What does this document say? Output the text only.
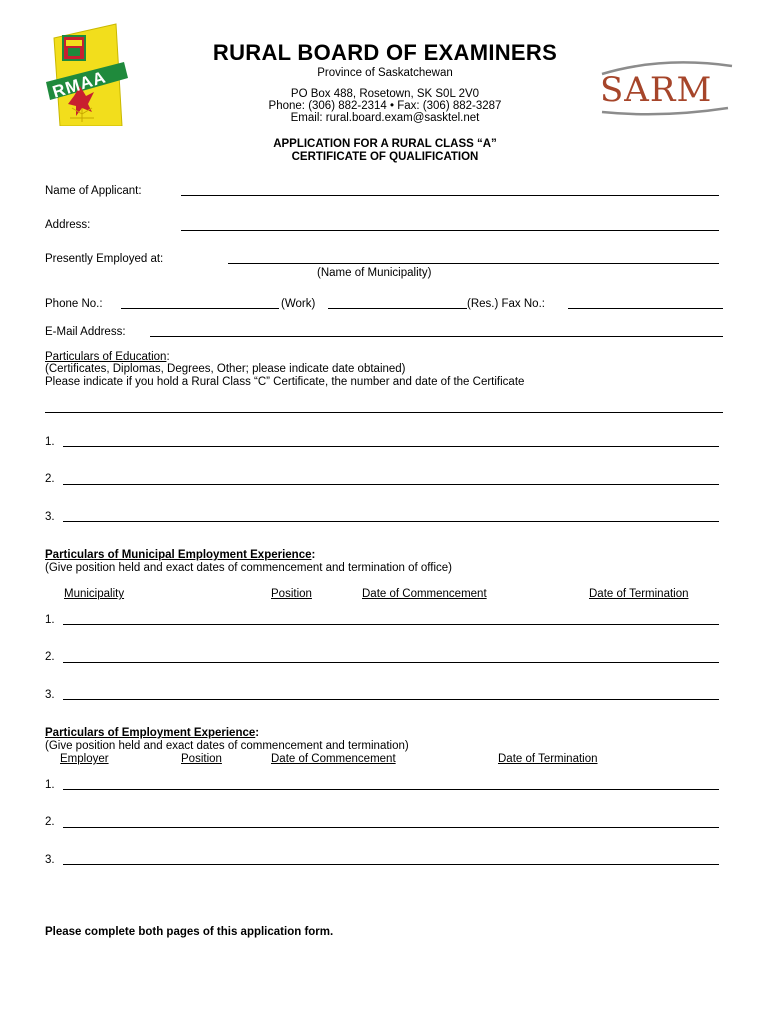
RMAA
RURAL BOARD OF EXAMINERS
Province of Saskatchewan
PO Box 488, Rosetown, SK S0L 2V0
Phone: (306) 882-2314 • Fax: (306) 882-3287
Email: rural.board.exam@sasktel.net
SARM
APPLICATION FOR A RURAL CLASS “A”
CERTIFICATE OF QUALIFICATION
Name of Applicant:
Address:
Presently Employed at:
(Name of Municipality)
Phone No.:	(Work)	(Res.) Fax No.:
E-Mail Address:
Particulars of Education:
(Certificates, Diplomas, Degrees, Other; please indicate date obtained)
Please indicate if you hold a Rural Class “C” Certificate, the number and date of the Certificate
1.
2.
3.
Particulars of Municipal Employment Experience:
(Give position held and exact dates of commencement and termination of office)
Municipality	Position	Date of Commencement	Date of Termination
1.
2.
3.
Particulars of Employment Experience:
(Give position held and exact dates of commencement and termination)
Employer	Position	Date of Commencement	Date of Termination
1.
2.
3.
Please complete both pages of this application form.
